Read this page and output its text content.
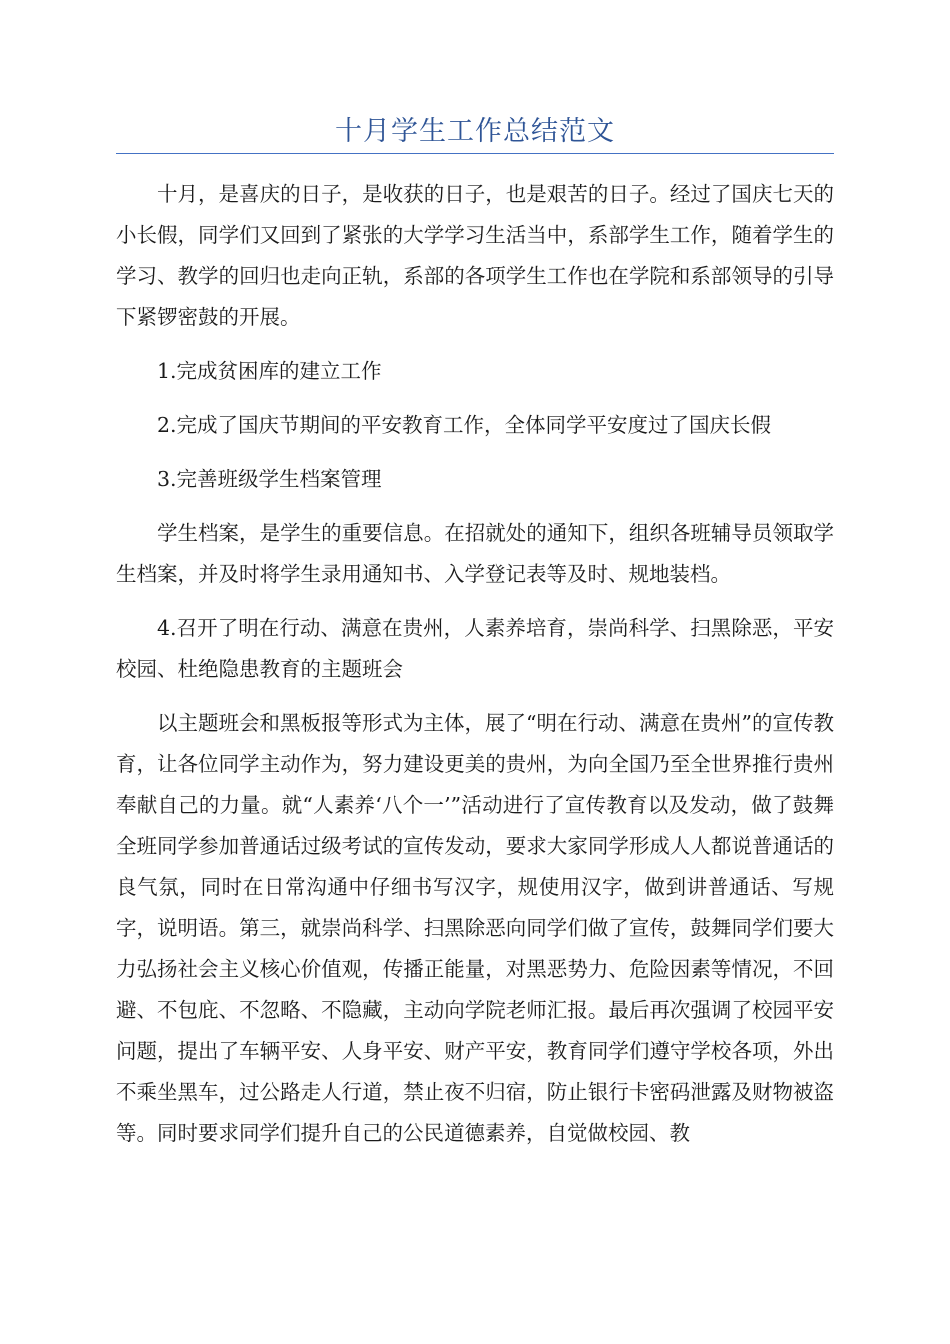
十月学生工作总结范文

十月，是喜庆的日子，是收获的日子，也是艰苦的日子。经过了国庆七天的小长假，同学们又回到了紧张的大学学习生活当中，系部学生工作，随着学生的学习、教学的回归也走向正轨，系部的各项学生工作也在学院和系部领导的引导下紧锣密鼓的开展。

1.完成贫困库的建立工作

2.完成了国庆节期间的平安教育工作，全体同学平安度过了国庆长假

3.完善班级学生档案管理

学生档案，是学生的重要信息。在招就处的通知下，组织各班辅导员领取学生档案，并及时将学生录用通知书、入学登记表等及时、规地装档。

4.召开了明在行动、满意在贵州，人素养培育，崇尚科学、扫黑除恶，平安校园、杜绝隐患教育的主题班会

以主题班会和黑板报等形式为主体，展了“明在行动、满意在贵州”的宣传教育，让各位同学主动作为，努力建设更美的贵州，为向全国乃至全世界推行贵州奉献自己的力量。就“人素养‘八个一’”活动进行了宣传教育以及发动，做了鼓舞全班同学参加普通话过级考试的宣传发动，要求大家同学形成人人都说普通话的良气氛，同时在日常沟通中仔细书写汉字，规使用汉字，做到讲普通话、写规字，说明语。第三，就崇尚科学、扫黑除恶向同学们做了宣传，鼓舞同学们要大力弘扬社会主义核心价值观，传播正能量，对黑恶势力、危险因素等情况，不回避、不包庇、不忽略、不隐藏，主动向学院老师汇报。最后再次强调了校园平安问题，提出了车辆平安、人身平安、财产平安，教育同学们遵守学校各项，外出不乘坐黑车，过公路走人行道，禁止夜不归宿，防止银行卡密码泄露及财物被盗等。同时要求同学们提升自己的公民道德素养，自觉做校园、教
